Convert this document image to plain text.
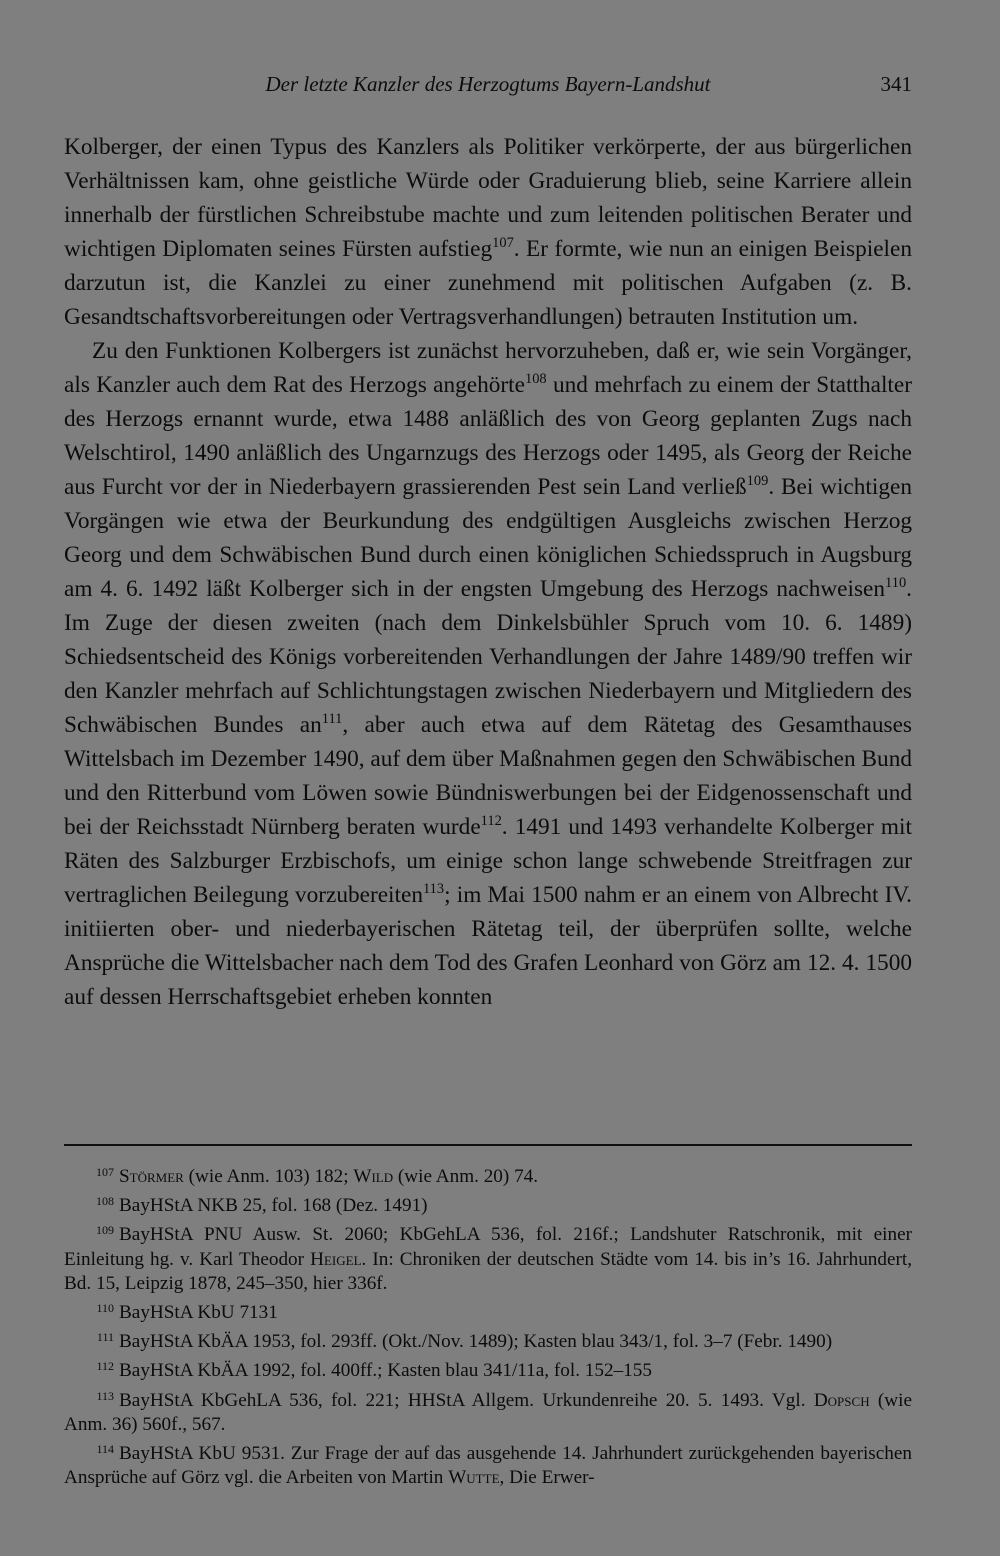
Der letzte Kanzler des Herzogtums Bayern-Landshut	341

Kolberger, der einen Typus des Kanzlers als Politiker verkörperte, der aus bürgerlichen Verhältnissen kam, ohne geistliche Würde oder Graduierung blieb, seine Karriere allein innerhalb der fürstlichen Schreibstube machte und zum leitenden politischen Berater und wichtigen Diplomaten seines Fürsten aufstieg$^{107}$. Er formte, wie nun an einigen Beispielen darzutun ist, die Kanzlei zu einer zunehmend mit politischen Aufgaben (z. B. Gesandtschaftsvorbereitungen oder Vertragsverhandlungen) betrauten Institution um.

Zu den Funktionen Kolbergers ist zunächst hervorzuheben, daß er, wie sein Vorgänger, als Kanzler auch dem Rat des Herzogs angehörte$^{108}$ und mehrfach zu einem der Statthalter des Herzogs ernannt wurde, etwa 1488 anläßlich des von Georg geplanten Zugs nach Welschtirol, 1490 anläßlich des Ungarnzugs des Herzogs oder 1495, als Georg der Reiche aus Furcht vor der in Niederbayern grassierenden Pest sein Land verließ$^{109}$. Bei wichtigen Vorgängen wie etwa der Beurkundung des endgültigen Ausgleichs zwischen Herzog Georg und dem Schwäbischen Bund durch einen königlichen Schiedsspruch in Augsburg am 4. 6. 1492 läßt Kolberger sich in der engsten Umgebung des Herzogs nachweisen$^{110}$. Im Zuge der diesen zweiten (nach dem Dinkelsbühler Spruch vom 10. 6. 1489) Schiedsentscheid des Königs vorbereitenden Verhandlungen der Jahre 1489/90 treffen wir den Kanzler mehrfach auf Schlichtungstagen zwischen Niederbayern und Mitgliedern des Schwäbischen Bundes an$^{111}$, aber auch etwa auf dem Rätetag des Gesamthauses Wittelsbach im Dezember 1490, auf dem über Maßnahmen gegen den Schwäbischen Bund und den Ritterbund vom Löwen sowie Bündniswerbungen bei der Eidgenossenschaft und bei der Reichsstadt Nürnberg beraten wurde$^{112}$. 1491 und 1493 verhandelte Kolberger mit Räten des Salzburger Erzbischofs, um einige schon lange schwebende Streitfragen zur vertraglichen Beilegung vorzubereiten$^{113}$; im Mai 1500 nahm er an einem von Albrecht IV. initiierten ober- und niederbayerischen Rätetag teil, der überprüfen sollte, welche Ansprüche die Wittelsbacher nach dem Tod des Grafen Leonhard von Görz am 12. 4. 1500 auf dessen Herrschaftsgebiet erheben konnten

107 Störmer (wie Anm. 103) 182; Wild (wie Anm. 20) 74.

108 BayHStA NKB 25, fol. 168 (Dez. 1491)

109 BayHStA PNU Ausw. St. 2060; KbGehLA 536, fol. 216f.; Landshuter Ratschronik, mit einer Einleitung hg. v. Karl Theodor Heigel. In: Chroniken der deutschen Städte vom 14. bis in’s 16. Jahrhundert, Bd. 15, Leipzig 1878, 245–350, hier 336f.

110 BayHStA KbU 7131

111 BayHStA KbÄA 1953, fol. 293ff. (Okt./Nov. 1489); Kasten blau 343/1, fol. 3–7 (Febr. 1490)

112 BayHStA KbÄA 1992, fol. 400ff.; Kasten blau 341/11a, fol. 152–155

113 BayHStA KbGehLA 536, fol. 221; HHStA Allgem. Urkundenreihe 20. 5. 1493. Vgl. Dopsch (wie Anm. 36) 560f., 567.

114 BayHStA KbU 9531. Zur Frage der auf das ausgehende 14. Jahrhundert zurückgehenden bayerischen Ansprüche auf Görz vgl. die Arbeiten von Martin Wutte, Die Erwer-
